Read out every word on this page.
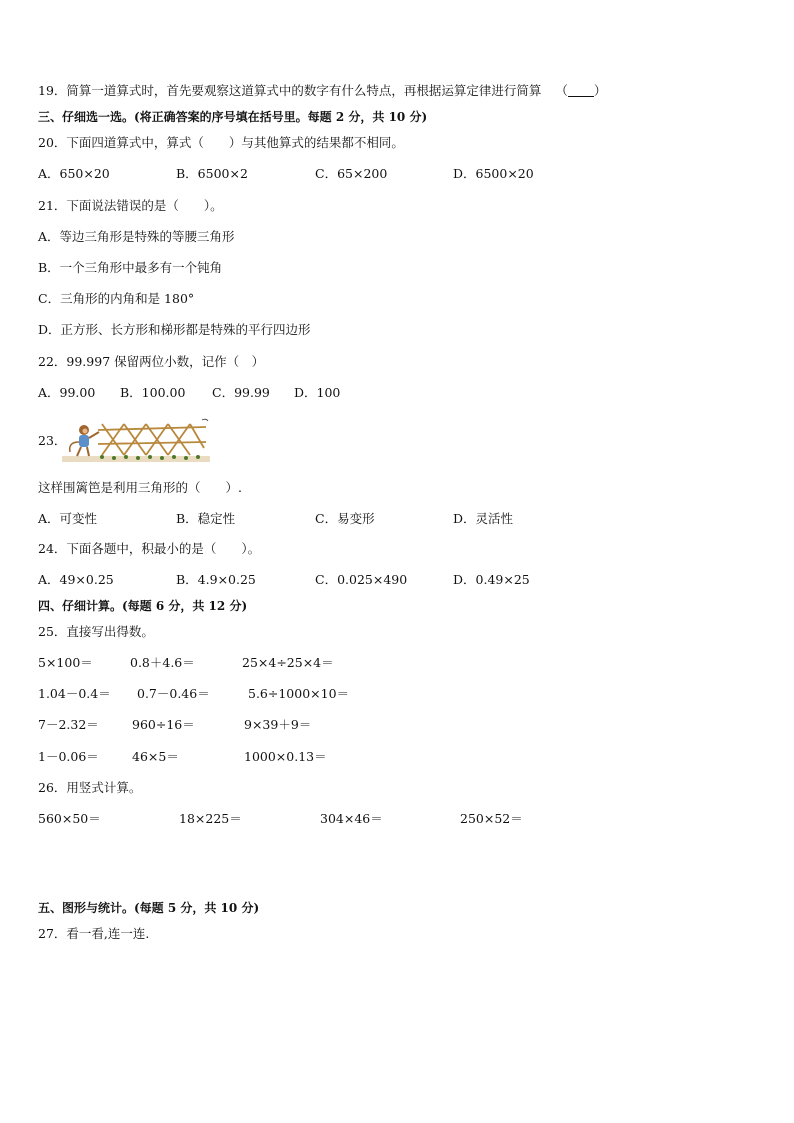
19．简算一道算式时，首先要观察这道算式中的数字有什么特点，再根据运算定律进行简算 （ ）
三、仔细选一选。(将正确答案的序号填在括号里。每题 2 分，共 10 分)
20．下面四道算式中，算式（　　）与其他算式的结果都不相同。
A．650×20	B．6500×2	C．65×200	D．6500×20
21．下面说法错误的是（　　）。
A．等边三角形是特殊的等腰三角形
B．一个三角形中最多有一个钝角
C．三角形的内角和是 180°
D．正方形、长方形和梯形都是特殊的平行四边形
22．99.997 保留两位小数，记作（　）
A．99.00 B．100.00 C．99.99 D．100
23．
这样围篱笆是利用三角形的（　　）.
A．可变性	B．稳定性	C．易变形	D．灵活性
24．下面各题中，积最小的是（　　）。
A．49×0.25	B．4.9×0.25	C．0.025×490	D．0.49×25
四、仔细计算。(每题 6 分，共 12 分)
25．直接写出得数。
5×100＝	0.8＋4.6＝	25×4÷25×4＝
1.04－0.4＝ 0.7－0.46＝	5.6÷1000×10＝
7－2.32＝	960÷16＝	9×39＋9＝
1－0.06＝	46×5＝	1000×0.13＝
26．用竖式计算。
560×50＝	18×225＝	304×46＝	250×52＝
五、图形与统计。(每题 5 分，共 10 分)
27．看一看,连一连.
